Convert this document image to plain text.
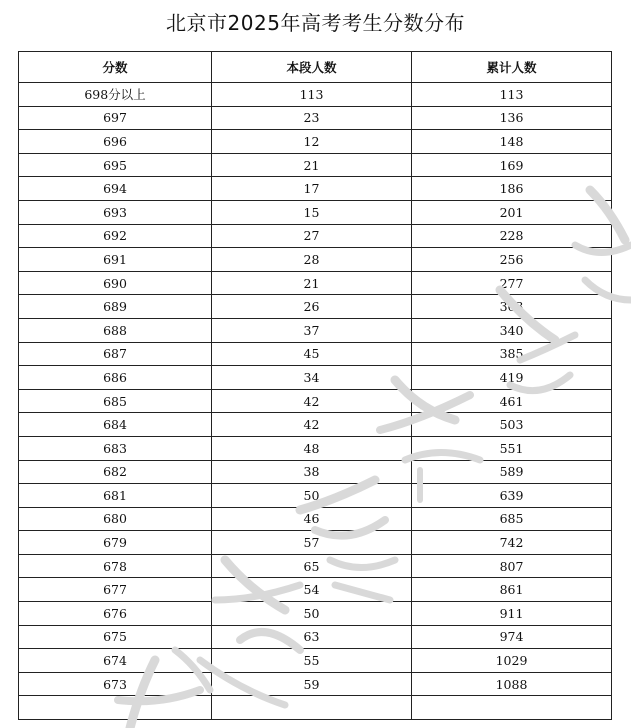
北京市2025年高考考生分数分布
分数	本段人数	累计人数
698分以上	113	113
697	23	136
696	12	148
695	21	169
694	17	186
693	15	201
692	27	228
691	28	256
690	21	277
689	26	303
688	37	340
687	45	385
686	34	419
685	42	461
684	42	503
683	48	551
682	38	589
681	50	639
680	46	685
679	57	742
678	65	807
677	54	861
676	50	911
675	63	974
674	55	1029
673	59	1088
